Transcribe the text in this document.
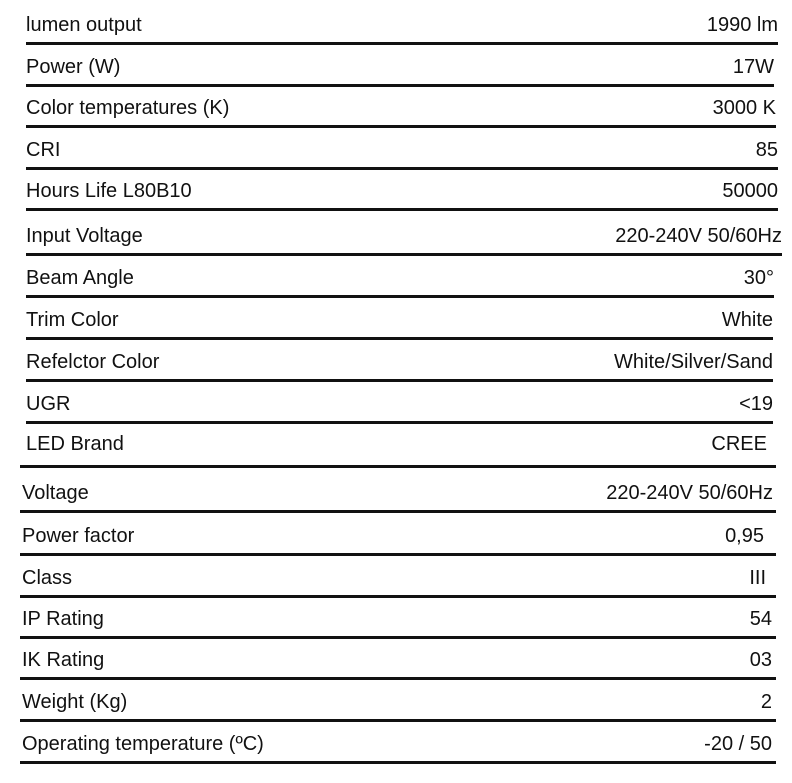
lumen output	1990 lm
Power (W)	17W
Color temperatures (K)	3000 K
CRI	85
Hours Life L80B10	50000
Input Voltage	220-240V 50/60Hz
Beam Angle	30°
Trim Color	White
Refelctor Color	White/Silver/Sand
UGR	<19
LED Brand	CREE
Voltage	220-240V 50/60Hz
Power factor	0,95
Class	III
IP Rating	54
IK Rating	03
Weight (Kg)	2
Operating temperature (ºC)	-20 / 50
